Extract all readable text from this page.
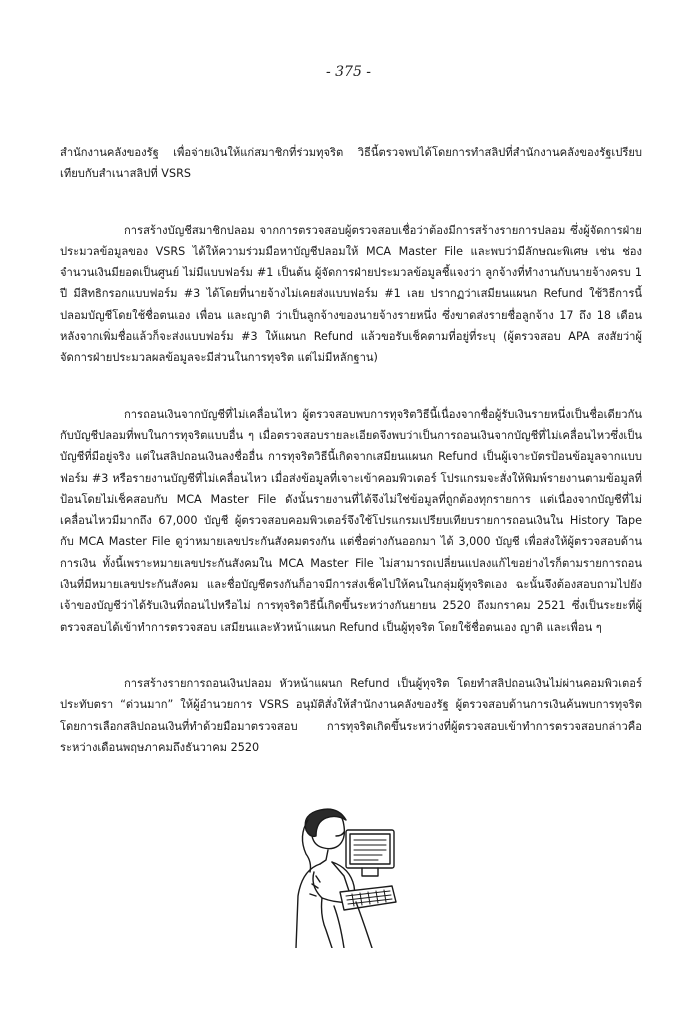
- 375 -

สำนักงานคลังของรัฐ เพื่อจ่ายเงินให้แก่สมาชิกที่ร่วมทุจริต วิธีนี้ตรวจพบได้โดยการทำสลิปที่สำนักงานคลังของรัฐเปรียบเทียบกับสำเนาสลิปที่ VSRS

การสร้างบัญชีสมาชิกปลอม จากการตรวจสอบผู้ตรวจสอบเชื่อว่าต้องมีการสร้างรายการปลอม ซึ่งผู้จัดการฝ่ายประมวลข้อมูลของ VSRS ได้ให้ความร่วมมือหาบัญชีปลอมให้ MCA Master File และพบว่ามีลักษณะพิเศษ เช่น ช่องจำนวนเงินมียอดเป็นศูนย์ ไม่มีแบบฟอร์ม #1 เป็นต้น ผู้จัดการฝ่ายประมวลข้อมูลชี้แจงว่า ลูกจ้างที่ทำงานกับนายจ้างครบ 1 ปี มีสิทธิกรอกแบบฟอร์ม #3 ได้โดยที่นายจ้างไม่เคยส่งแบบฟอร์ม #1 เลย ปรากฏว่าเสมียนแผนก Refund ใช้วิธีการนี้ปลอมบัญชีโดยใช้ชื่อตนเอง เพื่อน และญาติ ว่าเป็นลูกจ้างของนายจ้างรายหนึ่ง ซึ่งขาดส่งรายชื่อลูกจ้าง 17 ถึง 18 เดือน หลังจากเพิ่มชื่อแล้วก็จะส่งแบบฟอร์ม #3 ให้แผนก Refund แล้วขอรับเช็คตามที่อยู่ที่ระบุ (ผู้ตรวจสอบ APA สงสัยว่าผู้จัดการฝ่ายประมวลผลข้อมูลจะมีส่วนในการทุจริต แต่ไม่มีหลักฐาน)

การถอนเงินจากบัญชีที่ไม่เคลื่อนไหว ผู้ตรวจสอบพบการทุจริตวิธีนี้เนื่องจากชื่อผู้รับเงินรายหนึ่งเป็นชื่อเดียวกันกับบัญชีปลอมที่พบในการทุจริตแบบอื่น ๆ เมื่อตรวจสอบรายละเอียดจึงพบว่าเป็นการถอนเงินจากบัญชีที่ไม่เคลื่อนไหวซึ่งเป็นบัญชีที่มีอยู่จริง แต่ในสลิปถอนเงินลงชื่ออื่น การทุจริตวิธีนี้เกิดจากเสมียนแผนก Refund เป็นผู้เจาะบัตรป้อนข้อมูลจากแบบฟอร์ม #3 หรือรายงานบัญชีที่ไม่เคลื่อนไหว เมื่อส่งข้อมูลที่เจาะเข้าคอมพิวเตอร์ โปรแกรมจะสั่งให้พิมพ์รายงานตามข้อมูลที่ป้อนโดยไม่เช็คสอบกับ MCA Master File ดังนั้นรายงานที่ได้จึงไม่ใช่ข้อมูลที่ถูกต้องทุกรายการ แต่เนื่องจากบัญชีที่ไม่เคลื่อนไหวมีมากถึง 67,000 บัญชี ผู้ตรวจสอบคอมพิวเตอร์จึงใช้โปรแกรมเปรียบเทียบรายการถอนเงินใน History Tape กับ MCA Master File ดูว่าหมายเลขประกันสังคมตรงกัน แต่ชื่อต่างกันออกมา ได้ 3,000 บัญชี เพื่อส่งให้ผู้ตรวจสอบด้านการเงิน ทั้งนี้เพราะหมายเลขประกันสังคมใน MCA Master File ไม่สามารถเปลี่ยนแปลงแก้ไขอย่างไรก็ตามรายการถอนเงินที่มีหมายเลขประกันสังคม และชื่อบัญชีตรงกันก็อาจมีการส่งเช็คไปให้คนในกลุ่มผู้ทุจริตเอง ฉะนั้นจึงต้องสอบถามไปยังเจ้าของบัญชีว่าได้รับเงินที่ถอนไปหรือไม่ การทุจริตวิธีนี้เกิดขึ้นระหว่างกันยายน 2520 ถึงมกราคม 2521 ซึ่งเป็นระยะที่ผู้ตรวจสอบได้เข้าทำการตรวจสอบ เสมียนและหัวหน้าแผนก Refund เป็นผู้ทุจริต โดยใช้ชื่อตนเอง ญาติ และเพื่อน ๆ

การสร้างรายการถอนเงินปลอม หัวหน้าแผนก Refund เป็นผู้ทุจริต โดยทำสลิปถอนเงินไม่ผ่านคอมพิวเตอร์ ประทับตรา “ด่วนมาก” ให้ผู้อำนวยการ VSRS อนุมัติสั่งให้สำนักงานคลังของรัฐ ผู้ตรวจสอบด้านการเงินค้นพบการทุจริตโดยการเลือกสลิปถอนเงินที่ทำด้วยมือมาตรวจสอบ การทุจริตเกิดขึ้นระหว่างที่ผู้ตรวจสอบเข้าทำการตรวจสอบกล่าวคือ ระหว่างเดือนพฤษภาคมถึงธันวาคม 2520
